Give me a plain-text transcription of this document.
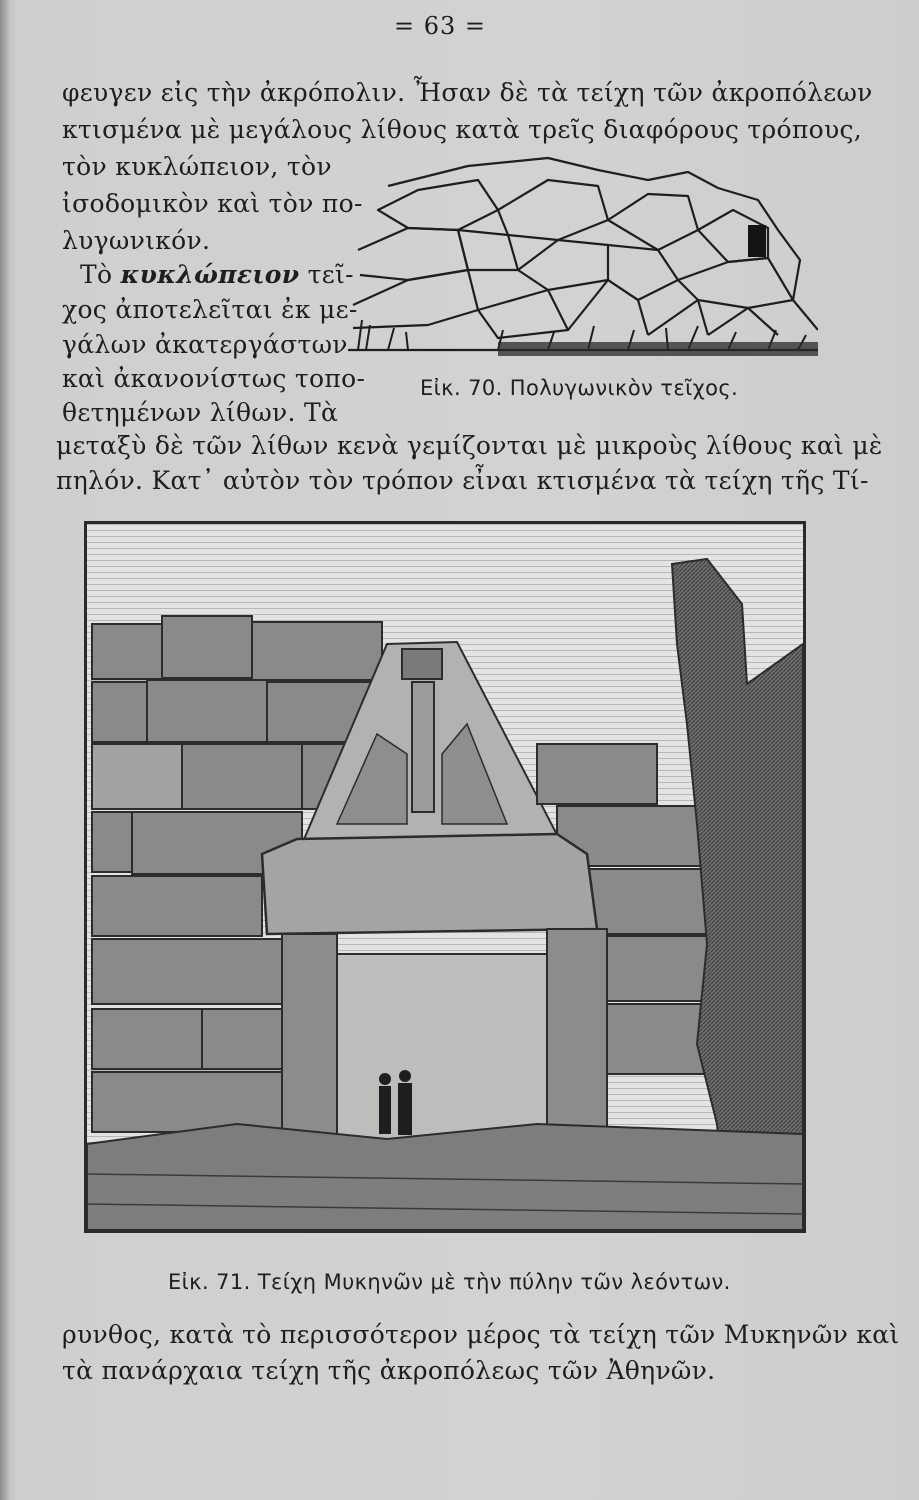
= 63 =
φευγεν εἰς τὴν ἀκρόπολιν. Ἦσαν δὲ τὰ τείχη τῶν ἀκροπόλεων
κτισμένα μὲ μεγάλους λίθους κατὰ τρεῖς διαφόρους τρόπους,
τὸν κυκλώπειον, τὸν
ἰσοδομικὸν καὶ τὸν πο-
λυγωνικόν.
Τὸ κυκλώπειον τεῖ-
χος ἀποτελεῖται ἐκ με-
γάλων ἀκατεργάστων
καὶ ἀκανονίστως τοπο-
θετημένων λίθων. Τὰ
μεταξὺ δὲ τῶν λίθων κενὰ γεμίζονται μὲ μικροὺς λίθους καὶ μὲ
πηλόν. Κατ᾽ αὐτὸν τὸν τρόπον εἶναι κτισμένα τὰ τείχη τῆς Τί-
Εἰκ. 70. Πολυγωνικὸν τεῖχος.
Εἰκ. 71. Τείχη Μυκηνῶν μὲ τὴν πύλην τῶν λεόντων.
ρυνθος, κατὰ τὸ περισσότερον μέρος τὰ τείχη τῶν Μυκηνῶν καὶ
τὰ πανάρχαια τείχη τῆς ἀκροπόλεως τῶν Ἀθηνῶν.
